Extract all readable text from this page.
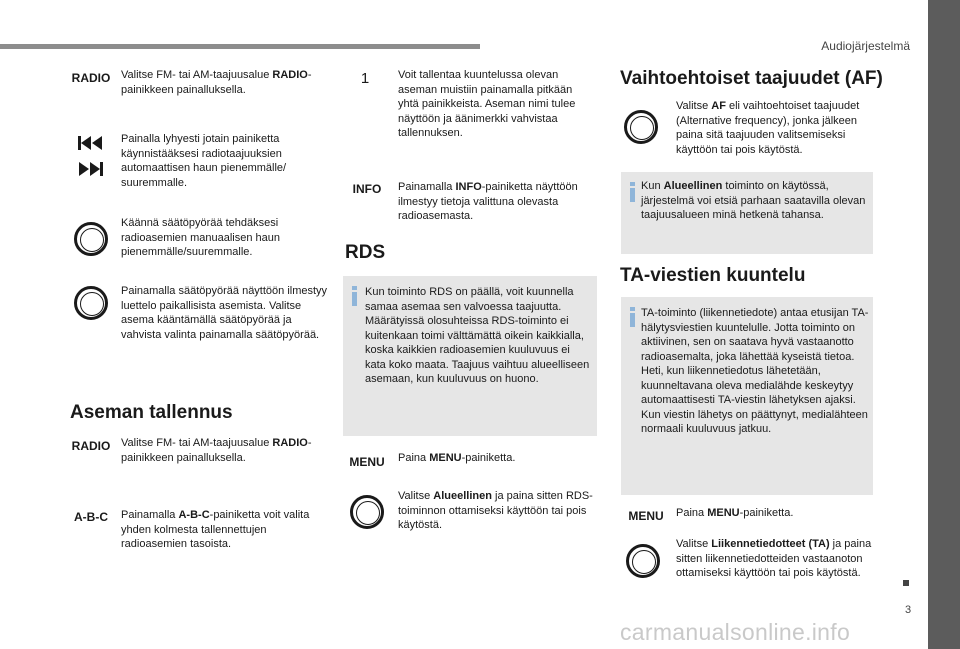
Audiojärjestelmä
3
RADIO Valitse FM- tai AM-taajuusalue RADIO-painikkeen painalluksella.
Painalla lyhyesti jotain painiketta käynnistääksesi radiotaajuuksien automaattisen haun pienemmälle/ suuremmalle.
Käännä säätöpyörää tehdäksesi radioasemien manuaalisen haun pienemmälle/suuremmalle.
Painamalla säätöpyörää näyttöön ilmestyy luettelo paikallisista asemista. Valitse asema kääntämällä säätöpyörää ja vahvista valinta painamalla säätöpyörää.
Aseman tallennus
RADIO Valitse FM- tai AM-taajuusalue RADIO-painikkeen painalluksella.
A-B-C	Painamalla A-B-C-painiketta voit valita yhden kolmesta tallennettujen radioasemien tasoista.
1	Voit tallentaa kuuntelussa olevan aseman muistiin painamalla pitkään yhtä painikkeista. Aseman nimi tulee näyttöön ja äänimerkki vahvistaa tallennuksen.
INFO	Painamalla INFO-painiketta näyttöön ilmestyy tietoja valittuna olevasta radioasemasta.
RDS
Kun toiminto RDS on päällä, voit kuunnella samaa asemaa sen valvoessa taajuutta. Määrätyissä olosuhteissa RDS-toiminto ei kuitenkaan toimi välttämättä oikein kaikkialla, koska kaikkien radioasemien kuuluvuus ei kata koko maata. Taajuus vaihtuu alueelliseen asemaan, kun kuuluvuus on huono.
MENU	Paina MENU-painiketta.
Valitse Alueellinen ja paina sitten RDS-toiminnon ottamiseksi käyttöön tai pois käytöstä.
Vaihtoehtoiset taajuudet (AF)
Valitse AF eli vaihtoehtoiset taajuudet (Alternative frequency), jonka jälkeen paina sitä taajuuden valitsemiseksi käyttöön tai pois käytöstä.
Kun Alueellinen toiminto on käytössä, järjestelmä voi etsiä parhaan saatavilla olevan taajuusalueen minä hetkenä tahansa.
TA-viestien kuuntelu
TA-toiminto (liikennetiedote) antaa etusijan TA-hälytysviestien kuuntelulle. Jotta toiminto on aktiivinen, sen on saatava hyvä vastaanotto radioasemalta, joka lähettää kyseistä tietoa. Heti, kun liikennetiedotus lähetetään, kuunneltavana oleva medialähde keskeytyy automaattisesti TA-viestin lähetyksen ajaksi. Kun viestin lähetys on päättynyt, medialähteen normaali kuuluvuus jatkuu.
MENU	Paina MENU-painiketta.
Valitse Liikennetiedotteet (TA) ja paina sitten liikennetiedotteiden vastaanoton ottamiseksi käyttöön tai pois käytöstä.
carmanualsonline.info
